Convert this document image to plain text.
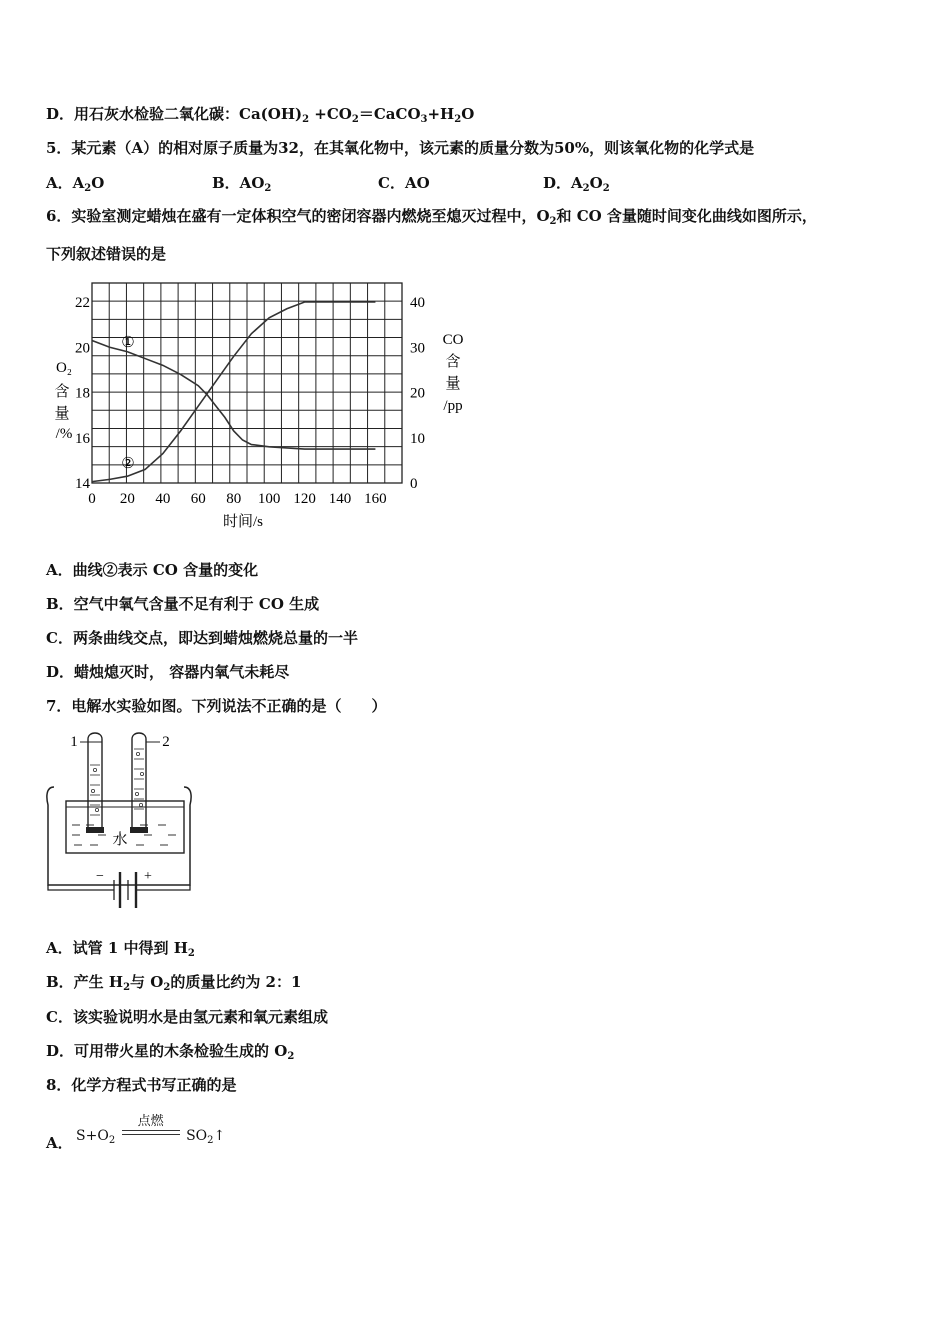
D．用石灰水检验二氧化碳：$Ca(OH)_2$ $+CO_2=CaCO_3+H_2O$
5．某元素（A）的相对原子质量为32，在其氧化物中，该元素的质量分数为50%，则该氧化物的化学式是
A．$A_2O$	B．$AO_2$	C．AO	D．$A_2O_2$
6．实验室测定蜡烛在盛有一定体积空气的密闭容器内燃烧至熄灭过程中，$O_2$和 CO 含量随时间变化曲线如图所示，
下列叙述错误的是
0 20 40 60 80 100 120 140 160
14
16
18
20
22
0
10
20
30
40
①
②
O₂
含
量
/%
CO
含
量
/pp
时间/s
A．曲线②表示 CO 含量的变化
B．空气中氧气含量不足有利于 CO 生成
C．两条曲线交点，即达到蜡烛燃烧总量的一半
D．蜡烛熄灭时， 容器内氧气未耗尽
7．电解水实验如图。下列说法不正确的是（　　）
水
1	2
−	+
A．试管 1 中得到 $H_2$
B．产生 $H_2$与 $O_2$的质量比约为 2：1
C．该实验说明水是由氢元素和氧元素组成
D．可用带火星的木条检验生成的 $O_2$
8．化学方程式书写正确的是
A． $S+O_2$ 点燃
$SO_2↑$
